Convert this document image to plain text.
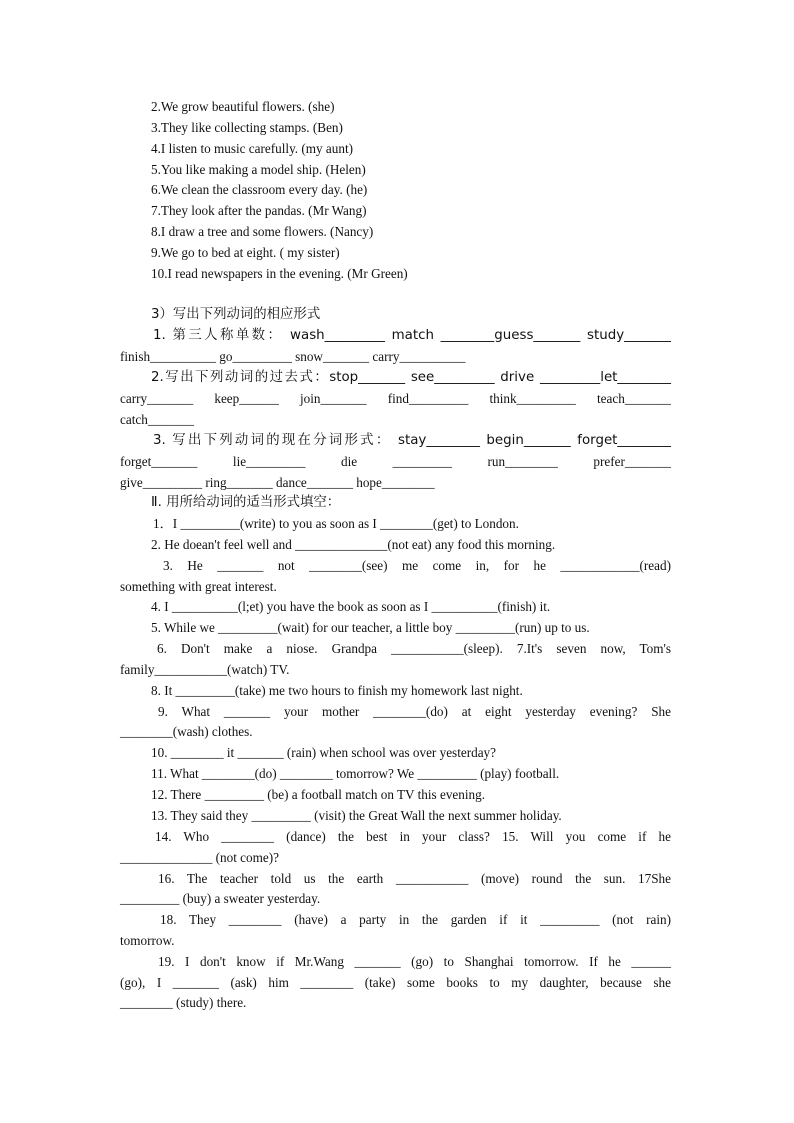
2.We grow beautiful flowers. (she)
3.They like collecting stamps. (Ben)
4.I listen to music carefully. (my aunt)
5.You like making a model ship. (Helen)
6.We clean the classroom every day. (he)
7.They look after the pandas. (Mr Wang)
8.I draw a tree and some flowers. (Nancy)
9.We go to bed at eight. ( my sister)
10.I read newspapers in the evening. (Mr Green)
3）写出下列动词的相应形式
1. 第三人称单数： wash_________ match ________guess_______ study_______
finish__________ go_________ snow_______ carry__________
2.写出下列动词的过去式：stop_______ see_________ drive _________let________
carry_______ keep______ join_______ find_________ think_________ teach_______
catch_______
3. 写出下列动词的现在分词形式： stay________ begin_______ forget________
forget_______ lie_________ die _________ run________ prefer_______
give_________ ring_______ dance_______ hope________
Ⅱ. 用所给动词的适当形式填空：
1．I _________(write) to you as soon as I ________(get) to London.
2. He doean't feel well and ______________(not eat) any food this morning.
3. He _______ not ________(see) me come in, for he ____________(read)
something with great interest.
4. I __________(l;et) you have the book as soon as I __________(finish) it.
5. While we _________(wait) for our teacher, a little boy _________(run) up to us.
6. Don't make a niose. Grandpa ___________(sleep). 7.It's seven now, Tom's
family___________(watch) TV.
8. It _________(take) me two hours to finish my homework last night.
9. What _______ your mother ________(do) at eight yesterday evening? She
________(wash) clothes.
10. ________ it _______ (rain) when school was over yesterday?
11. What ________(do) ________ tomorrow? We _________ (play) football.
12. There _________ (be) a football match on TV this evening.
13. They said they _________ (visit) the Great Wall the next summer holiday.
14. Who ________ (dance) the best in your class? 15. Will you come if he
______________ (not come)?
16. The teacher told us the earth ___________ (move) round the sun. 17She
_________ (buy) a sweater yesterday.
18. They ________ (have) a party in the garden if it _________ (not rain)
tomorrow.
19. I don't know if Mr.Wang _______ (go) to Shanghai tomorrow. If he ______
(go), I _______ (ask) him ________ (take) some books to my daughter, because she
________ (study) there.
